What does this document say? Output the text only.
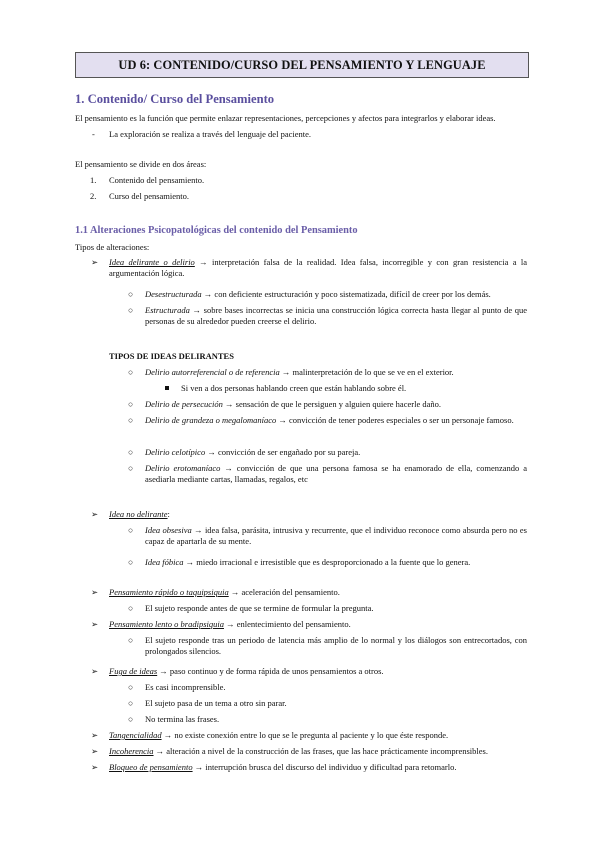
UD 6: CONTENIDO/CURSO DEL PENSAMIENTO Y LENGUAJE
1. Contenido/ Curso del Pensamiento
El pensamiento es la función que permite enlazar representaciones, percepciones y afectos para integrarlos y elaborar ideas.
- La exploración se realiza a través del lenguaje del paciente.
El pensamiento se divide en dos áreas:
1. Contenido del pensamiento.
2. Curso del pensamiento.
1.1 Alteraciones Psicopatológicas del contenido del Pensamiento
Tipos de alteraciones:
➢ Idea delirante o delirio → interpretación falsa de la realidad. Idea falsa, incorregible y con gran resistencia a la argumentación lógica.
○ Desestructurada → con deficiente estructuración y poco sistematizada, difícil de creer por los demás.
○ Estructurada → sobre bases incorrectas se inicia una construcción lógica correcta hasta llegar al punto de que personas de su alrededor pueden creerse el delirio.
TIPOS DE IDEAS DELIRANTES
○ Delirio autorreferencial o de referencia → malinterpretación de lo que se ve en el exterior.
Si ven a dos personas hablando creen que están hablando sobre él.
○ Delirio de persecución → sensación de que le persiguen y alguien quiere hacerle daño.
○ Delirio de grandeza o megalomaníaco → convicción de tener poderes especiales o ser un personaje famoso.
○ Delirio celotípico → convicción de ser engañado por su pareja.
○ Delirio erotomaníaco → convicción de que una persona famosa se ha enamorado de ella, comenzando a asediarla mediante cartas, llamadas, regalos, etc
➢ Idea no delirante:
○ Idea obsesiva → idea falsa, parásita, intrusiva y recurrente, que el individuo reconoce como absurda pero no es capaz de apartarla de su mente.
○ Idea fóbica → miedo irracional e irresistible que es desproporcionado a la fuente que lo genera.
➢ Pensamiento rápido o taquipsiquia → aceleración del pensamiento.
○ El sujeto responde antes de que se termine de formular la pregunta.
➢ Pensamiento lento o bradipsiquia → enlentecimiento del pensamiento.
○ El sujeto responde tras un periodo de latencia más amplio de lo normal y los diálogos son entrecortados, con prolongados silencios.
➢ Fuga de ideas → paso continuo y de forma rápida de unos pensamientos a otros.
○ Es casi incomprensible.
○ El sujeto pasa de un tema a otro sin parar.
○ No termina las frases.
➢ Tangencialidad → no existe conexión entre lo que se le pregunta al paciente y lo que éste responde.
➢ Incoherencia → alteración a nivel de la construcción de las frases, que las hace prácticamente incomprensibles.
➢ Bloqueo de pensamiento → interrupción brusca del discurso del individuo y dificultad para retomarlo.
